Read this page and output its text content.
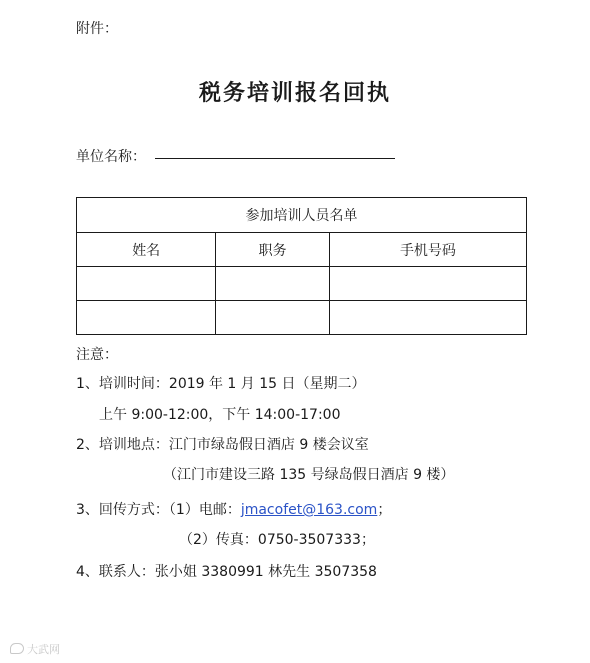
附件：
税务培训报名回执
单位名称：
参加培训人员名单		
姓名	职务	手机号码

注意：
1、培训时间：2019 年 1 月 15 日（星期二）
上午 9:00-12:00，下午 14:00-17:00
2、培训地点：江门市绿岛假日酒店 9 楼会议室
（江门市建设三路 135 号绿岛假日酒店 9 楼）
3、回传方式：（1）电邮：jmacofet@163.com；
（2）传真：0750-3507333；
4、联系人：张小姐 3380991 林先生 3507358
大武网
